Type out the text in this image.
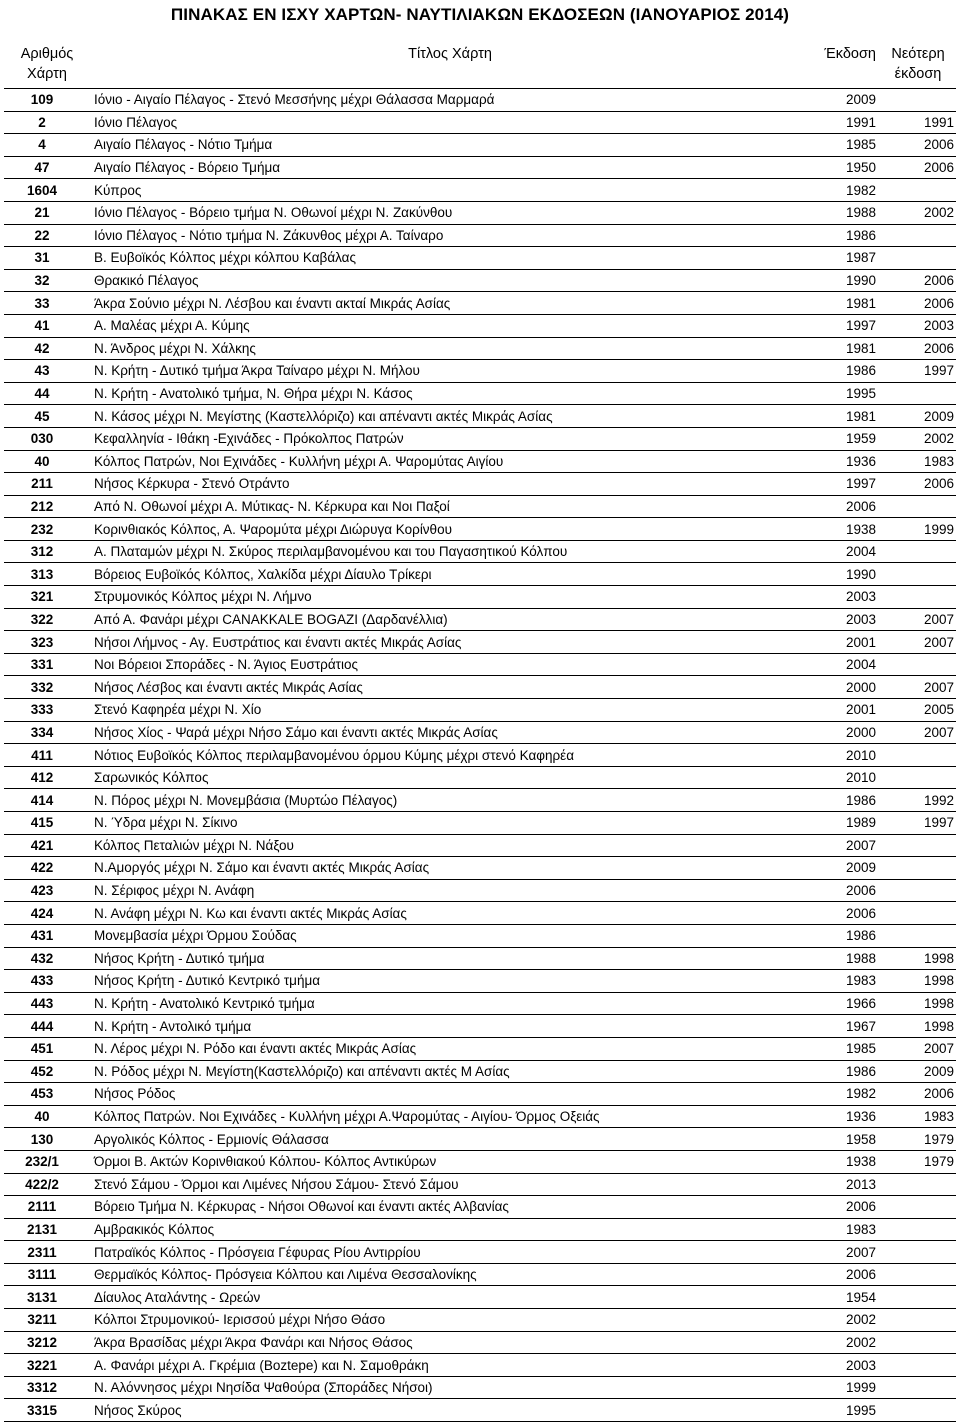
ΠΙΝΑΚΑΣ ΕΝ ΙΣΧΥ ΧΑΡΤΩΝ- ΝΑΥΤΙΛΙΑΚΩΝ ΕΚΔΟΣΕΩΝ (ΙΑΝΟΥΑΡΙΟΣ 2014)
Αριθμός Χάρτη	Τίτλος Χάρτη	Έκδοση	Νεότερη έκδοση
109	Ιόνιο - Αιγαίο Πέλαγος - Στενό Μεσσήνης μέχρι Θάλασσα Μαρμαρά	2009	
2	Ιόνιο Πέλαγος	1991	1991
4	Αιγαίο Πέλαγος - Νότιο Τμήμα	1985	2006
47	Αιγαίο Πέλαγος - Βόρειο Τμήμα	1950	2006
1604	Κύπρος	1982	
21	Ιόνιο Πέλαγος - Βόρειο τμήμα Ν. Οθωνοί μέχρι Ν. Ζακύνθου	1988	2002
22	Ιόνιο Πέλαγος - Νότιο τμήμα Ν. Ζάκυνθος μέχρι Α. Ταίναρο	1986	
31	Β. Ευβοϊκός Κόλπος μέχρι κόλπου Καβάλας	1987	
32	Θρακικό Πέλαγος	1990	2006
33	Άκρα Σούνιο μέχρι Ν. Λέσβου και έναντι ακταί Μικράς Ασίας	1981	2006
41	Α. Μαλέας μέχρι Α. Κύμης	1997	2003
42	Ν. Άνδρος μέχρι Ν. Χάλκης	1981	2006
43	Ν. Κρήτη - Δυτικό τμήμα Άκρα Ταίναρο μέχρι Ν. Μήλου	1986	1997
44	Ν. Κρήτη - Ανατολικό τμήμα, Ν. Θήρα μέχρι Ν. Κάσος	1995	
45	Ν. Κάσος μέχρι Ν. Μεγίστης (Καστελλόριζο) και απέναντι ακτές Μικράς Ασίας	1981	2009
030	Κεφαλληνία - Ιθάκη -Εχινάδες - Πρόκολπος Πατρών	1959	2002
40	Κόλπος Πατρών, Νοι Εχινάδες - Κυλλήνη μέχρι Α. Ψαρομύτας Αιγίου	1936	1983
211	Νήσος Κέρκυρα - Στενό Οτράντο	1997	2006
212	Από Ν. Οθωνοί μέχρι Α. Μύτικας- Ν. Κέρκυρα και Νοι Παξοί	2006	
232	Κορινθιακός Κόλπος, Α. Ψαρομύτα μέχρι Διώρυγα Κορίνθου	1938	1999
312	Α. Πλαταμών μέχρι Ν. Σκύρος περιλαμβανομένου και του Παγασητικού Κόλπου	2004	
313	Βόρειος Ευβοϊκός Κόλπος, Χαλκίδα μέχρι Δίαυλο Τρίκερι	1990	
321	Στρυμονικός Κόλπος μέχρι Ν. Λήμνο	2003	
322	Από Α. Φανάρι μέχρι CANAKKALE BOGAZI (Δαρδανέλλια)	2003	2007
323	Νήσοι Λήμνος - Αγ. Ευστράτιος και έναντι ακτές Μικράς Ασίας	2001	2007
331	Νοι Βόρειοι Σποράδες - Ν. Άγιος Ευστράτιος	2004	
332	Νήσος Λέσβος και έναντι ακτές Μικράς Ασίας	2000	2007
333	Στενό Καφηρέα μέχρι Ν. Χίο	2001	2005
334	Νήσος Χίος - Ψαρά μέχρι Νήσο Σάμο και έναντι ακτές Μικράς Ασίας	2000	2007
411	Νότιος Ευβοϊκός Κόλπος περιλαμβανομένου όρμου Κύμης μέχρι στενό Καφηρέα	2010	
412	Σαρωνικός Κόλπος	2010	
414	Ν. Πόρος μέχρι Ν. Μονεμβάσια (Μυρτώο Πέλαγος)	1986	1992
415	Ν. Ύδρα μέχρι Ν. Σίκινο	1989	1997
421	Κόλπος Πεταλιών μέχρι Ν. Νάξου	2007	
422	Ν.Αμοργός μέχρι Ν. Σάμο και έναντι ακτές Μικράς Ασίας	2009	
423	Ν. Σέριφος μέχρι Ν. Ανάφη	2006	
424	Ν. Ανάφη μέχρι Ν. Κω και έναντι ακτές Μικράς Ασίας	2006	
431	Μονεμβασία μέχρι Όρμου Σούδας	1986	
432	Νήσος Κρήτη - Δυτικό τμήμα	1988	1998
433	Νήσος Κρήτη - Δυτικό Κεντρικό τμήμα	1983	1998
443	Ν. Κρήτη - Ανατολικό Κεντρικό τμήμα	1966	1998
444	Ν. Κρήτη - Αντολικό τμήμα	1967	1998
451	Ν. Λέρος μέχρι Ν. Ρόδο και έναντι ακτές Μικράς Ασίας	1985	2007
452	Ν. Ρόδος μέχρι Ν. Μεγίστη(Καστελλόριζο) και απέναντι ακτές Μ Ασίας	1986	2009
453	Νήσος Ρόδος	1982	2006
40	Κόλπος Πατρών. Νοι Εχινάδες - Κυλλήνη μέχρι Α.Ψαρομύτας - Αιγίου- Όρμος Οξειάς	1936	1983
130	Αργολικός Κόλπος - Ερμιονίς Θάλασσα	1958	1979
232/1	Όρμοι Β. Ακτών Κορινθιακού Κόλπου- Κόλπος Αντικύρων	1938	1979
422/2	Στενό Σάμου - Όρμοι και Λιμένες Νήσου Σάμου- Στενό Σάμου	2013	
2111	Βόρειο Τμήμα Ν. Κέρκυρας - Νήσοι Οθωνοί και έναντι ακτές Αλβανίας	2006	
2131	Αμβρακικός Κόλπος	1983	
2311	Πατραϊκός Κόλπος - Πρόσγεια Γέφυρας Ρίου Αντιρρίου	2007	
3111	Θερμαϊκός Κόλπος- Πρόσγεια Κόλπου και Λιμένα Θεσσαλονίκης	2006	
3131	Δίαυλος Αταλάντης - Ωρεών	1954	
3211	Κόλποι Στρυμονικού- Ιερισσού μέχρι Νήσο Θάσο	2002	
3212	Άκρα Βρασίδας μέχρι Άκρα Φανάρι και Νήσος Θάσος	2002	
3221	Α. Φανάρι μέχρι Α. Γκρέμια (Boztepe) και Ν. Σαμοθράκη	2003	
3312	Ν. Αλόννησος μέχρι Νησίδα Ψαθούρα (Σποράδες Νήσοι)	1999	
3315	Νήσος Σκύρος	1995	
